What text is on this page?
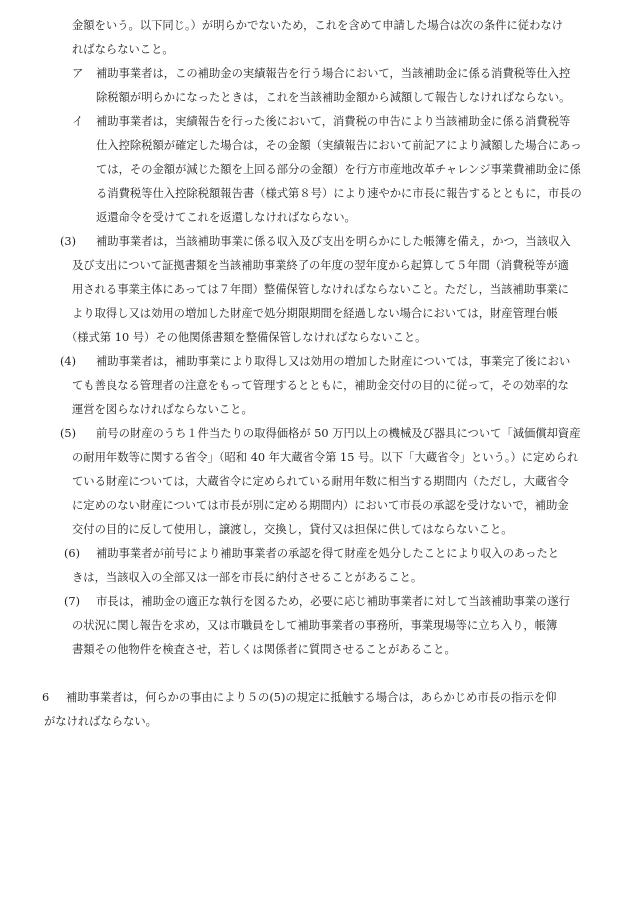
金額をいう。以下同じ。）が明らかでないため，これを含めて申請した場合は次の条件に従わなけ
ればならないこと。
ア 補助事業者は，この補助金の実績報告を行う場合において，当該補助金に係る消費税等仕入控
除税額が明らかになったときは，これを当該補助金額から減額して報告しなければならない。
イ 補助事業者は，実績報告を行った後において，消費税の申告により当該補助金に係る消費税等
仕入控除税額が確定した場合は，その金額（実績報告において前記アにより減額した場合にあっ
ては，その金額が減じた額を上回る部分の金額）を行方市産地改革チャレンジ事業費補助金に係
る消費税等仕入控除税額報告書（様式第８号）により速やかに市長に報告するとともに，市長の
返還命令を受けてこれを返還しなければならない。
(3) 補助事業者は，当該補助事業に係る収入及び支出を明らかにした帳簿を備え，かつ，当該収入
及び支出について証拠書類を当該補助事業終了の年度の翌年度から起算して５年間（消費税等が適
用される事業主体にあっては７年間）整備保管しなければならないこと。ただし，当該補助事業に
より取得し又は効用の増加した財産で処分期限期間を経過しない場合においては，財産管理台帳
（様式第 10 号）その他関係書類を整備保管しなければならないこと。
(4) 補助事業者は，補助事業により取得し又は効用の増加した財産については，事業完了後におい
ても善良なる管理者の注意をもって管理するとともに，補助金交付の目的に従って，その効率的な
運営を図らなければならないこと。
(5) 前号の財産のうち１件当たりの取得価格が 50 万円以上の機械及び器具について「減価償却資産
の耐用年数等に関する省令」（昭和 40 年大蔵省令第 15 号。以下「大蔵省令」という。）に定められ
ている財産については，大蔵省令に定められている耐用年数に相当する期間内（ただし，大蔵省令
に定めのない財産については市長が別に定める期間内）において市長の承認を受けないで，補助金
交付の目的に反して使用し，譲渡し，交換し，貸付又は担保に供してはならないこと。
(6) 補助事業者が前号により補助事業者の承認を得て財産を処分したことにより収入のあったと
きは，当該収入の全部又は一部を市長に納付させることがあること。
(7) 市長は，補助金の適正な執行を図るため，必要に応じ補助事業者に対して当該補助事業の遂行
の状況に関し報告を求め，又は市職員をして補助事業者の事務所，事業現場等に立ち入り，帳簿
書類その他物件を検査させ，若しくは関係者に質問させることがあること。
6 補助事業者は，何らかの事由により５の(5)の規定に抵触する場合は，あらかじめ市長の指示を仰
がなければならない。
